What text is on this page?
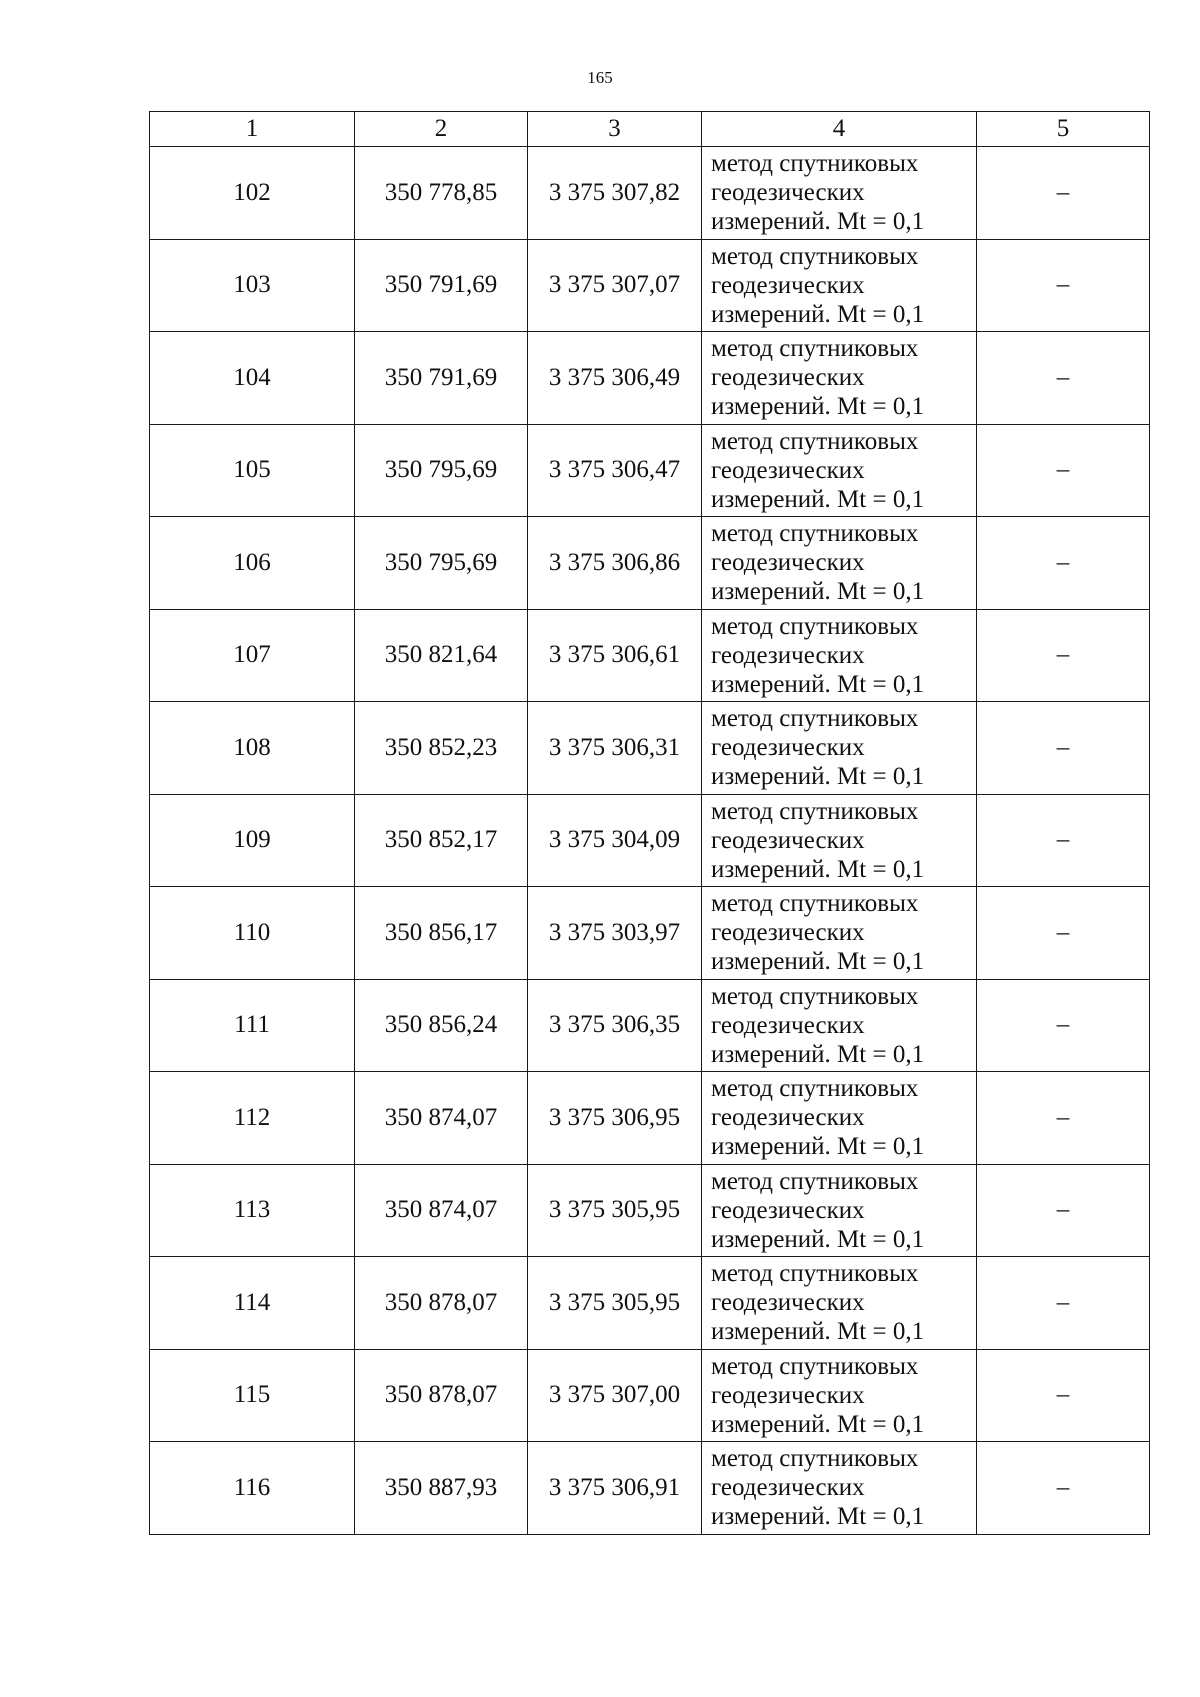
165
1	2	3	4	5
102	350 778,85	3 375 307,82	метод спутниковых
геодезических
измерений. Mt = 0,1	–
103	350 791,69	3 375 307,07	метод спутниковых
геодезических
измерений. Mt = 0,1	–
104	350 791,69	3 375 306,49	метод спутниковых
геодезических
измерений. Mt = 0,1	–
105	350 795,69	3 375 306,47	метод спутниковых
геодезических
измерений. Mt = 0,1	–
106	350 795,69	3 375 306,86	метод спутниковых
геодезических
измерений. Mt = 0,1	–
107	350 821,64	3 375 306,61	метод спутниковых
геодезических
измерений. Mt = 0,1	–
108	350 852,23	3 375 306,31	метод спутниковых
геодезических
измерений. Mt = 0,1	–
109	350 852,17	3 375 304,09	метод спутниковых
геодезических
измерений. Mt = 0,1	–
110	350 856,17	3 375 303,97	метод спутниковых
геодезических
измерений. Mt = 0,1	–
111	350 856,24	3 375 306,35	метод спутниковых
геодезических
измерений. Mt = 0,1	–
112	350 874,07	3 375 306,95	метод спутниковых
геодезических
измерений. Mt = 0,1	–
113	350 874,07	3 375 305,95	метод спутниковых
геодезических
измерений. Mt = 0,1	–
114	350 878,07	3 375 305,95	метод спутниковых
геодезических
измерений. Mt = 0,1	–
115	350 878,07	3 375 307,00	метод спутниковых
геодезических
измерений. Mt = 0,1	–
116	350 887,93	3 375 306,91	метод спутниковых
геодезических
измерений. Mt = 0,1	–
